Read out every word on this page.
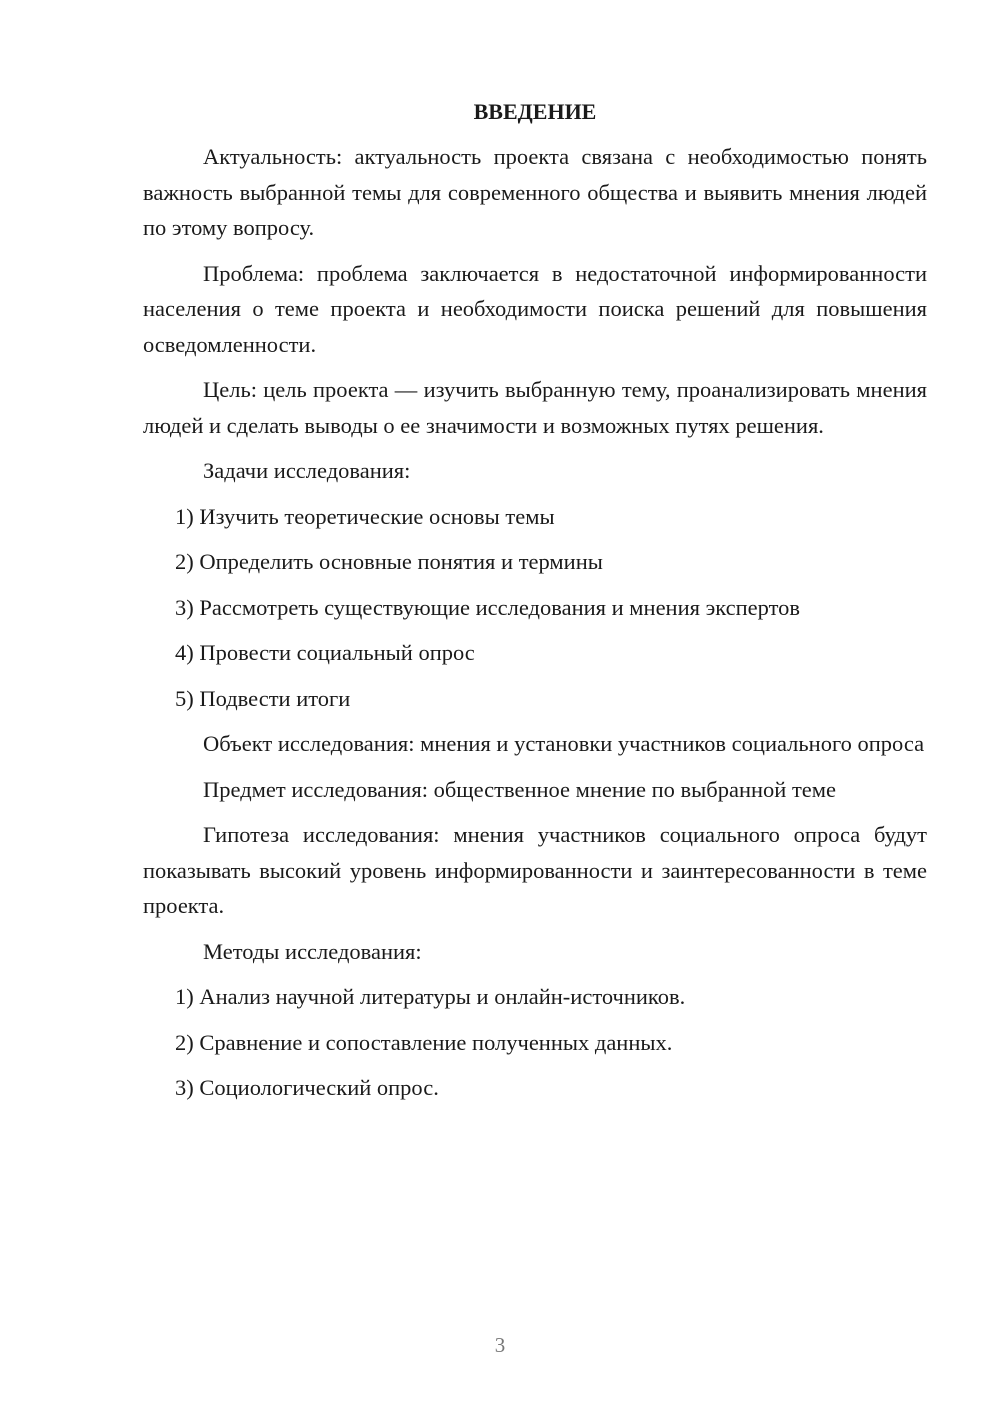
ВВЕДЕНИЕ
Актуальность: актуальность проекта связана с необходимостью понять важность выбранной темы для современного общества и выявить мнения людей по этому вопросу.
Проблема: проблема заключается в недостаточной информированности населения о теме проекта и необходимости поиска решений для повышения осведомленности.
Цель: цель проекта — изучить выбранную тему, проанализировать мнения людей и сделать выводы о ее значимости и возможных путях решения.
Задачи исследования:
1) Изучить теоретические основы темы
2) Определить основные понятия и термины
3) Рассмотреть существующие исследования и мнения экспертов
4) Провести социальный опрос
5) Подвести итоги
Объект исследования: мнения и установки участников социального опроса
Предмет исследования: общественное мнение по выбранной теме
Гипотеза исследования: мнения участников социального опроса будут показывать высокий уровень информированности и заинтересованности в теме проекта.
Методы исследования:
1) Анализ научной литературы и онлайн-источников.
2) Сравнение и сопоставление полученных данных.
3) Социологический опрос.
3
